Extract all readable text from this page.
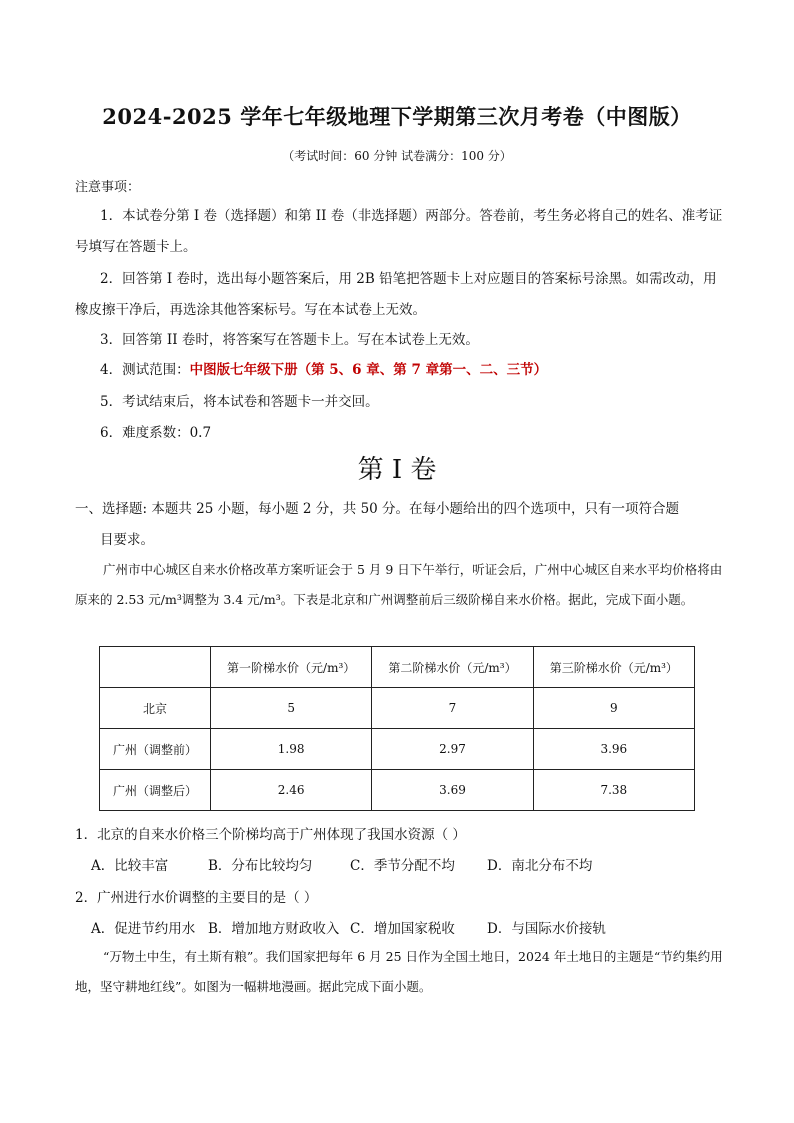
2024-2025 学年七年级地理下学期第三次月考卷（中图版）
（考试时间：60 分钟 试卷满分：100 分）
注意事项：
1．本试卷分第 I 卷（选择题）和第 II 卷（非选择题）两部分。答卷前，考生务必将自己的姓名、准考证号填写在答题卡上。
2．回答第 I 卷时，选出每小题答案后，用 2B 铅笔把答题卡上对应题目的答案标号涂黑。如需改动，用橡皮擦干净后，再选涂其他答案标号。写在本试卷上无效。
3．回答第 II 卷时，将答案写在答题卡上。写在本试卷上无效。
4．测试范围：中图版七年级下册（第 5、6 章、第 7 章第一、二、三节）
5．考试结束后，将本试卷和答题卡一并交回。
6．难度系数：0.7
第 I 卷
一、选择题: 本题共 25 小题，每小题 2 分，共 50 分。在每小题给出的四个选项中，只有一项符合题
目要求。
广州市中心城区自来水价格改革方案听证会于 5 月 9 日下午举行，听证会后，广州中心城区自来水平均价格将由原来的 2.53 元/m³调整为 3.4 元/m³。下表是北京和广州调整前后三级阶梯自来水价格。据此，完成下面小题。
	第一阶梯水价（元/m³）	第二阶梯水价（元/m³）	第三阶梯水价（元/m³）
北京	5	7	9
广州（调整前）	1.98	2.97	3.96
广州（调整后）	2.46	3.69	7.38
1．北京的自来水价格三个阶梯均高于广州体现了我国水资源（ ）
A．比较丰富	B．分布比较均匀	C．季节分配不均 D．南北分布不均
2．广州进行水价调整的主要目的是（ ）
A．促进节约用水 B．增加地方财政收入 C．增加国家税收 D．与国际水价接轨
“万物土中生，有土斯有粮”。我们国家把每年 6 月 25 日作为全国土地日，2024 年土地日的主题是“节约集约用地，坚守耕地红线”。如图为一幅耕地漫画。据此完成下面小题。
